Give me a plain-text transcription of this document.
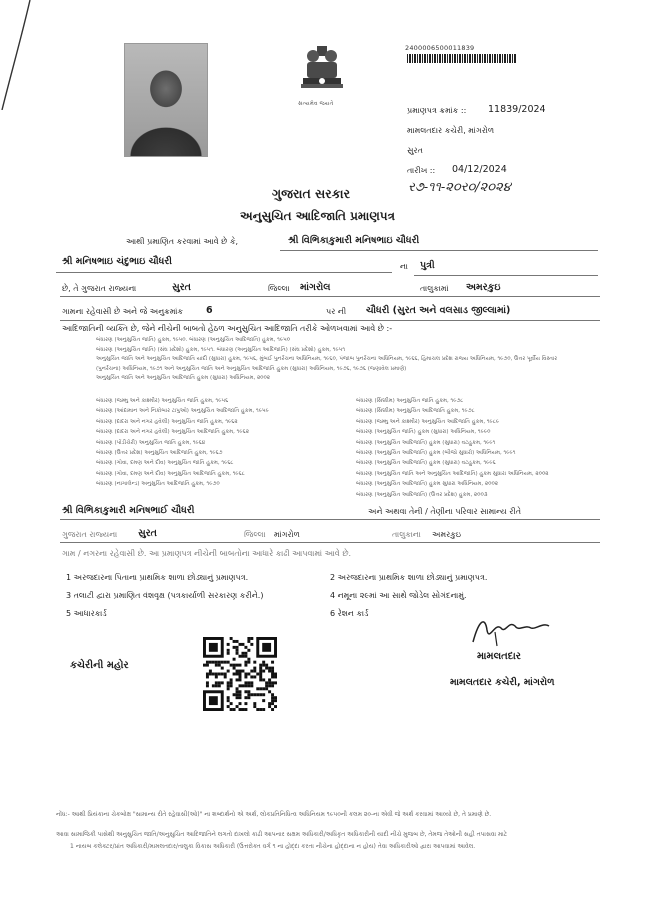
સત્યમેવ જયતે
2400006500011839
પ્રમાણપત્ર ક્રમાંક :: 11839/2024
મામલતદાર કચેરી, માંગરોળ
સુરત
તારીખ :: 04/12/2024
ર૭-૧૧-૨૦ર૦/૨૦૨૪
ગુજરાત સરકાર
અનુસુચિત આદિજાતિ પ્રમાણપત્ર
આથી પ્રમાણિત કરવામાં આવે છે કે,	શ્રી વિભિકાકુમારી મનિષભાઇ ચૌધરી
શ્રી મનિષભાઇ ચંદુભાઇ ચૌધરી	ના પુત્રી
છે, તે ગુજરાત રાજ્યના	સુરત	જિલ્લા માંગરોલ	તાલુકામાં અમરકુઇ
ગામના રહેવાસી છે અને જે અનુક્રમાંક 6	પર ની ચૌધરી (સુરત અને વલસાડ જીલ્લામાં)
આદિજાતિની વ્યક્તિ છે, જેને નીચેની બાબતો હેઠળ અનુસુચિત આદિજાતિ તરીકે ઓળખવામાં આવે છે :-
બંધારણ (અનુસુચિત જાતિ) હુકમ, ૧૯૫૦. બંધારણ (અનુસુચિત આદિજાતિ) હુકમ, ૧૯૫૦
બંધારણ (અનુસુચિત જાતિ) (સંઘ પ્રદેશો) હુકમ, ૧૯૫૧. બંધારણ (અનુસુચિત આદિજાતિ) (સંઘ પ્રદેશો) હુકમ, ૧૯૫૧
અનુસુચિત જાતિ અને અનુસુચિત આદિજાતિ યાદી (સુધારા) હુકમ, ૧૯૫૬, મુંબઈ પુનર્રચના અધિનિયમ, ૧૯૬૦, પંજાબ પુનર્રચના અધિનિયમ, ૧૯૬૬, હિમાચલ પ્રદેશ રાજ્ય અધિનિયમ, ૧૯૭૦, ઉત્તર પૂર્વીય વિસ્તાર
(પુનર્રચના) અધિનિયમ, ૧૯૭૧ અને અનુસુચિત જાતિ અને અનુસુચિત આદિજાતિ હુકમ (સુધારા) અધિનિયમ, ૧૯૭૬, ૧૯૭૬ (જણાવેલ પ્રમાણે)
અનુસુચિત જાતિ અને અનુસુચિત આદિજાતિ હુકમ (સુધારા) અધિનિયમ, ૨૦૦૨
બંધારણ (જમ્મુ અને કાશ્મીર) અનુસુચિત જાતિ હુકમ, ૧૯૫૬
બંધારણ (આંદામાન અને નિકોબાર ટાપુઓ) અનુસુચિત આદિજાતિ હુકમ, ૧૯૫૯
બંધારણ (દાદરા અને નગર હવેલી) અનુસુચિત જાતિ હુકમ, ૧૯૬૨
બંધારણ (દાદરા અને નગર હવેલી) અનુસુચિત આદિજાતિ હુકમ, ૧૯૬૨
બંધારણ (પોંડીચેરી) અનુસુચિત જાતિ હુકમ, ૧૯૬૪
બંધારણ (ઉત્તર પ્રદેશ) અનુસુચિત આદિજાતિ હુકમ, ૧૯૬૭
બંધારણ (ગોવા, દમણ અને દીવ) અનુસુચિત જાતિ હુકમ, ૧૯૬૮
બંધારણ (ગોવા, દમણ અને દીવ) અનુસુચિત આદિજાતિ હુકમ, ૧૯૬૮
બંધારણ (નાગાલેન્ડ) અનુસુચિત આદિજાતિ હુકમ, ૧૯૭૦
બંધારણ (સિક્કીમ) અનુસુચિત જાતિ હુકમ, ૧૯૭૮
બંધારણ (સિક્કીમ) અનુસુચિત આદિજાતિ હુકમ, ૧૯૭૮
બંધારણ (જમ્મુ અને કાશ્મીર) અનુસુચિત આદિજાતિ હુકમ, ૧૯૮૯
બંધારણ (અનુસુચિત જાતિ) હુકમ (સુધારા) અધિનિયમ, ૧૯૯૦
બંધારણ (અનુસુચિત આદિજાતિ) હુકમ (સુધારા) વટહુકમ, ૧૯૯૧
બંધારણ (અનુસુચિત આદિજાતિ) હુકમ (બીજો સુધારો) અધિનિયમ, ૧૯૯૧
બંધારણ (અનુસુચિત આદિજાતિ) હુકમ (સુધારા) વટહુકમ, ૧૯૯૬
બંધારણ (અનુસુચિત જાતિ અને અનુસુચિત આદિજાતિ) હુકમ સુધારા અધિનિયમ, ૨૦૦૨
બંધારણ (અનુસુચિત આદિજાતિ) હુકમ સુધારા અધિનિયમ, ૨૦૦૨
બંધારણ (અનુસુચિત આદિજાતિ) (ઉત્તર પ્રદેશ) હુકમ, ૨૦૦૩
શ્રી વિભિકાકુમારી મનિષભાઈ ચૌધરી	અને અથવા તેની / તેણીના પરિવાર સામાન્ય રીતે
ગુજરાત રાજ્યના સુરત	જિલ્લા માંગરોળ	તાલુકાના અમરકુઇ
ગામ / નગરના રહેવાસી છે. આ પ્રમાણપત્ર નીચેની બાબતોના આધારે કાઢી આપવામાં આવે છે.
1 અરજદારના પિતાના પ્રાથમિક શાળા છોડ્યાનું પ્રમાણપત્ર.	2 અરજદારના પ્રાથમિક શાળા છોડ્યાનું પ્રમાણપત્ર.
3 તલાટી દ્વારા પ્રમાણિત વંશવૃક્ષ (પત્રકાર્યાળી સરકારણ કરીને.)	4 નમૂના ૨૯માં આ સાથે જોડેલ સોગંદનામું.
5 આધારકાર્ડ	6 રેશન કાર્ડ
મામલતદાર
મામલતદાર કચેરી, માંગરોળ
કચેરીની મહોર
નોંધ:- આથી પ્રિયંકાના ચેકબોક્ષ "સામાન્ય રીતે રહેવાસી(ઓ)" ના શબ્દાર્થનો એ અર્થ, લોકપ્રતિનિધિત્વ અધિનિયમ ૧૯૫૦ની કલમ ૨૦-ના એવી જે અર્થ કરવામાં આવ્યો છે, તે પ્રમાણે છે.
આવા સામાજિકી પાસેથી અનુસુચિત જાતિ/અનુસુચિત આદિજાતિને લગતો દાખલો કાઢી આપનાર સક્ષમ અધિકારી/અધિકૃત અધિકારીની યાદી નીચે મુજબ છે, તેમજ તેઓની સહી તપાસવા માટે
1 નાયબ કલેક્ટર/પ્રાંત અધિકારી/મામલતદાર/તાલુકા વિકાસ અધિકારી (ઉત્તરોક્ત વર્ગ ૧ ના હોદ્દા કરતા નીચેના હોદ્દાના ન હોય) તેવા અધિકારીઓ દ્વારા આપવામાં આવેલ.
